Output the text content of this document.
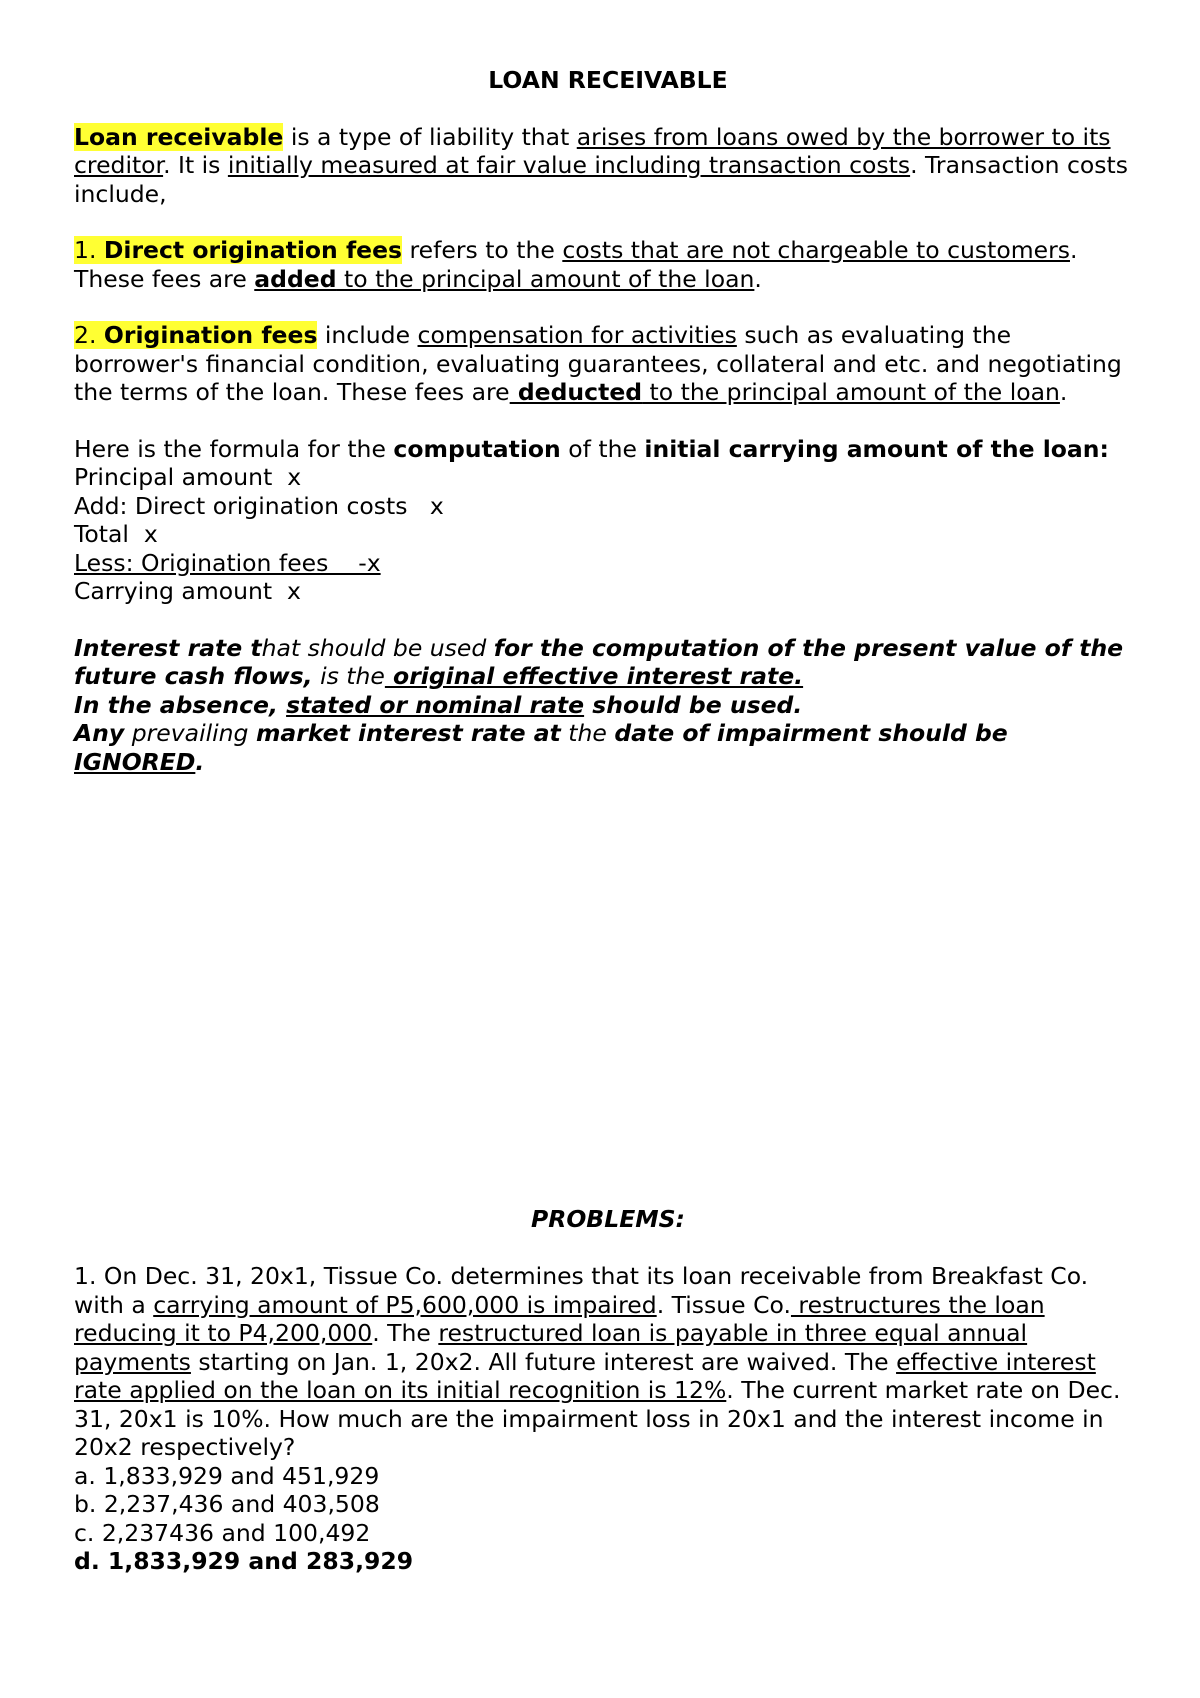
LOAN RECEIVABLE

Loan receivable is a type of liability that arises from loans owed by the borrower to its creditor. It is initially measured at fair value including transaction costs. Transaction costs include,

1. Direct origination fees refers to the costs that are not chargeable to customers. These fees are added to the principal amount of the loan.

2. Origination fees include compensation for activities such as evaluating the borrower's financial condition, evaluating guarantees, collateral and etc. and negotiating the terms of the loan. These fees are deducted to the principal amount of the loan.

Here is the formula for the computation of the initial carrying amount of the loan:
Principal amount  x
Add: Direct origination costs   x
Total  x
Less: Origination fees    -x
Carrying amount  x
Interest rate that should be used for the computation of the present value of the future cash flows, is the original effective interest rate.
In the absence, stated or nominal rate should be used.
Any prevailing market interest rate at the date of impairment should be IGNORED.
PROBLEMS:
1. On Dec. 31, 20x1, Tissue Co. determines that its loan receivable from Breakfast Co. with a carrying amount of P5,600,000 is impaired. Tissue Co. restructures the loan reducing it to P4,200,000. The restructured loan is payable in three equal annual payments starting on Jan. 1, 20x2. All future interest are waived. The effective interest rate applied on the loan on its initial recognition is 12%. The current market rate on Dec. 31, 20x1 is 10%. How much are the impairment loss in 20x1 and the interest income in 20x2 respectively?
a. 1,833,929 and 451,929
b. 2,237,436 and 403,508
c. 2,237436 and 100,492
d. 1,833,929 and 283,929
